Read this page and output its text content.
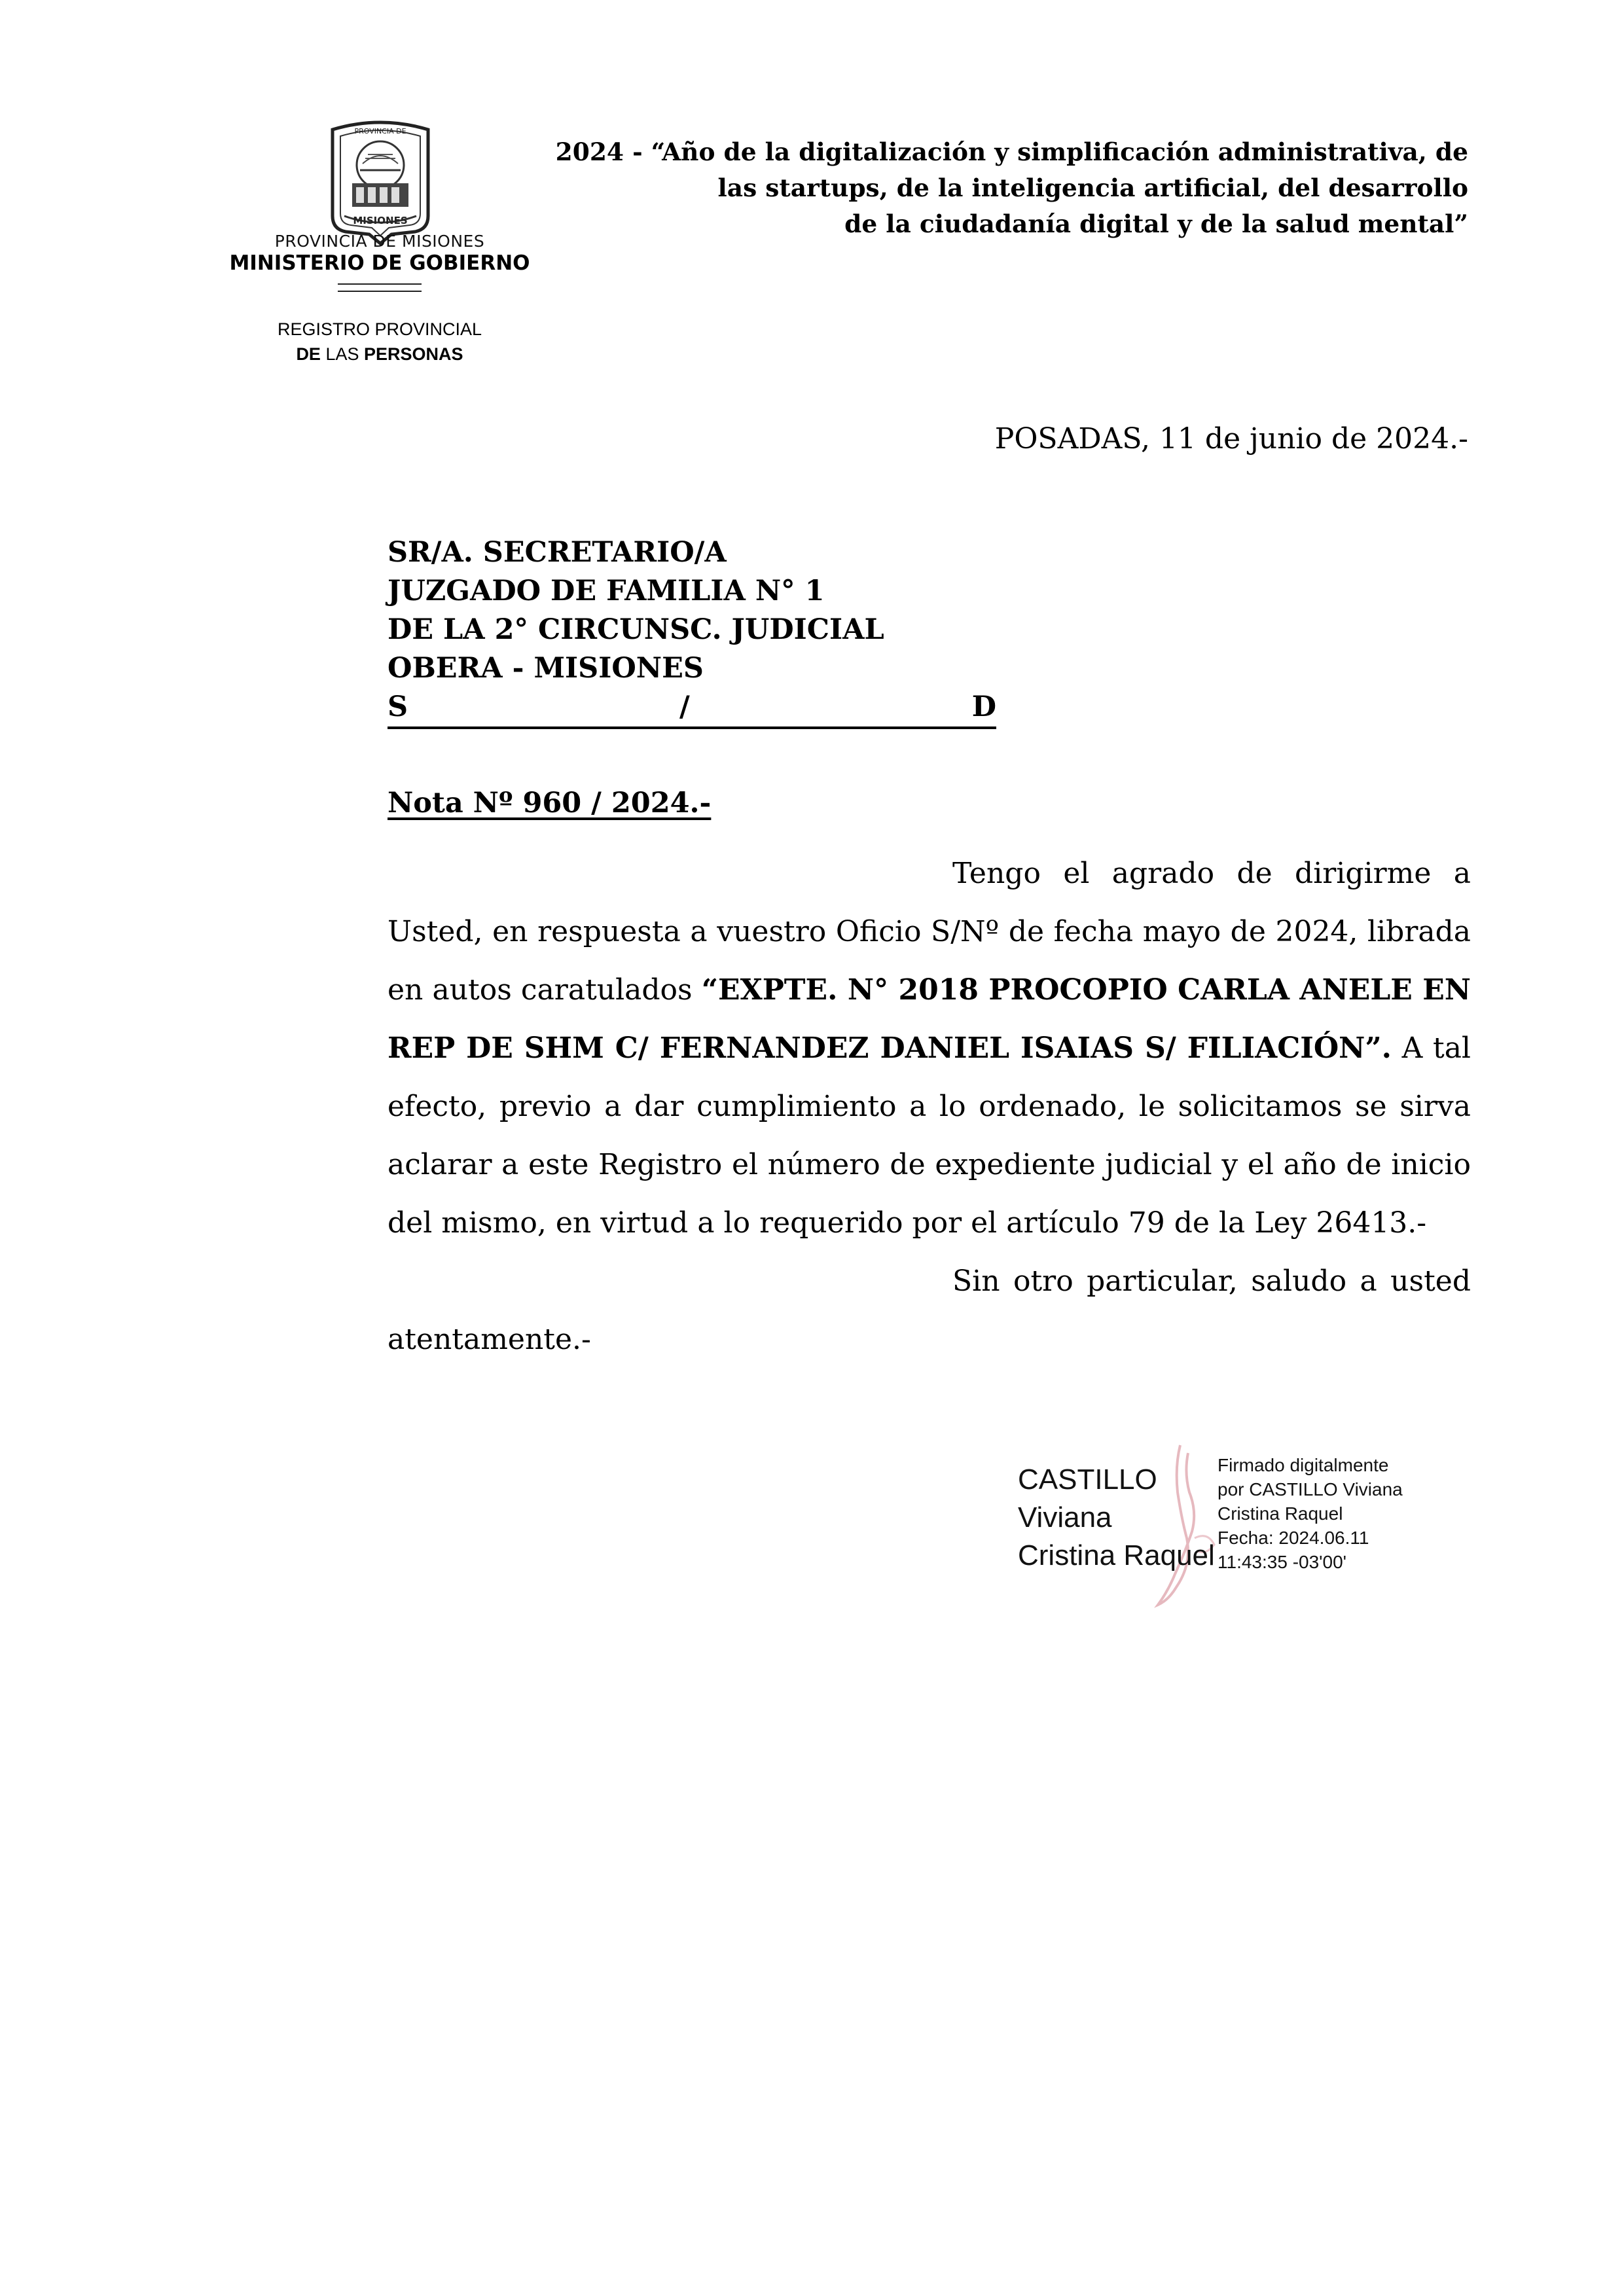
PROVINCIA DE
MISIONES
PROVINCIA DE MISIONES
MINISTERIO DE GOBIERNO
REGISTRO PROVINCIAL
DE LAS PERSONAS
2024 - “Año de la digitalización y simplificación administrativa, de
las startups, de la inteligencia artificial, del desarrollo
de la ciudadanía digital y de la salud mental”
POSADAS, 11 de junio de 2024.-
SR/A. SECRETARIO/A
JUZGADO DE FAMILIA N° 1
DE LA 2° CIRCUNSC. JUDICIAL
OBERA - MISIONES
S	/	D
Nota Nº 960 / 2024.-

Tengo el agrado de dirigirme a Usted, en respuesta a vuestro Oficio S/Nº de fecha mayo de 2024, librada en autos caratulados “EXPTE. N° 2018 PROCOPIO CARLA ANELE EN REP DE SHM C/ FERNANDEZ DANIEL ISAIAS S/ FILIACIÓN”. A tal efecto, previo a dar cumplimiento a lo ordenado, le solicitamos se sirva aclarar a este Registro el número de expediente judicial y el año de inicio del mismo, en virtud a lo requerido por el artículo 79 de la Ley 26413.-

Sin otro particular, saludo a usted atentamente.-

CASTILLO
Viviana
Cristina Raquel
Firmado digitalmente
por CASTILLO Viviana
Cristina Raquel
Fecha: 2024.06.11
11:43:35 -03'00'
